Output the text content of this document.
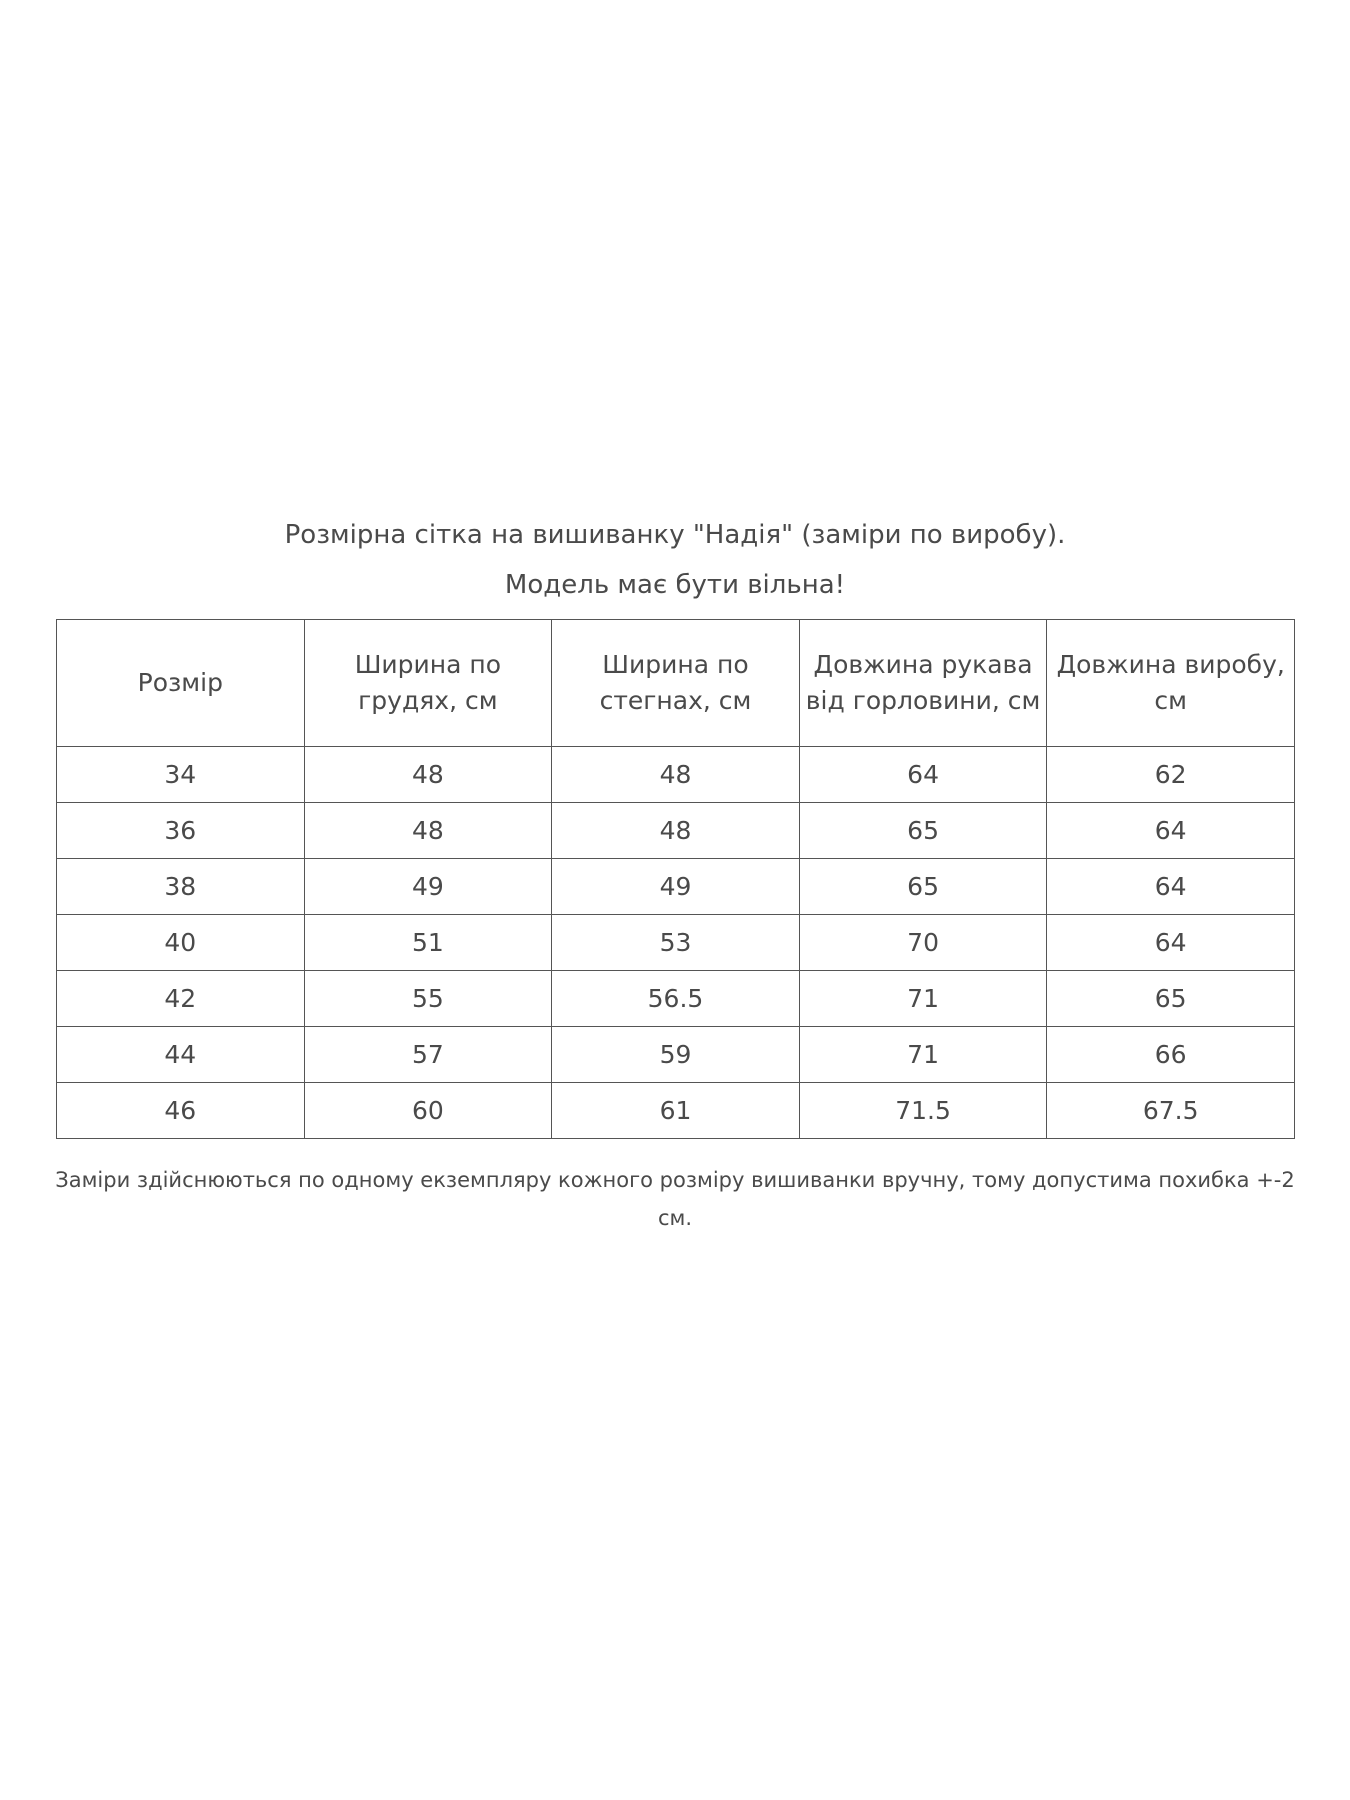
Розмірна сітка на вишиванку "Надія" (заміри по виробу).
Модель має бути вільна!
Розмір	Ширина по грудях, см	Ширина по стегнах, см	Довжина рукава від горловини, см	Довжина виробу, см
34	48	48	64	62
36	48	48	65	64
38	49	49	65	64
40	51	53	70	64
42	55	56.5	71	65
44	57	59	71	66
46	60	61	71.5	67.5
Заміри здійснюються по одному екземпляру кожного розміру вишиванки вручну, тому допустима похибка +-2 см.
